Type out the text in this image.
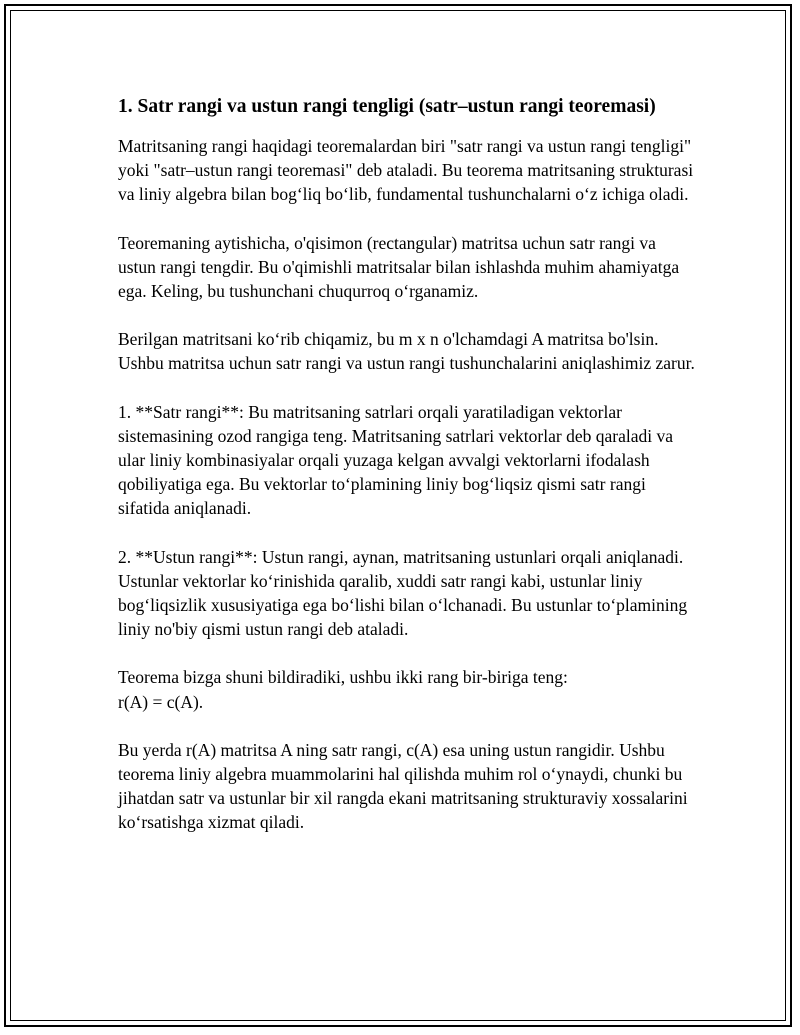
1. Satr rangi va ustun rangi tengligi (satr–ustun rangi teoremasi)

Matritsaning rangi haqidagi teoremalardan biri "satr rangi va ustun rangi tengligi" yoki "satr–ustun rangi teoremasi" deb ataladi. Bu teorema matritsaning strukturasi va liniy algebra bilan bog‘liq bo‘lib, fundamental tushunchalarni o‘z ichiga oladi.

Teoremaning aytishicha, o'qisimon (rectangular) matritsa uchun satr rangi va ustun rangi tengdir. Bu o'qimishli matritsalar bilan ishlashda muhim ahamiyatga ega. Keling, bu tushunchani chuqurroq o‘rganamiz.

Berilgan matritsani ko‘rib chiqamiz, bu m x n o'lchamdagi A matritsa bo'lsin. Ushbu matritsa uchun satr rangi va ustun rangi tushunchalarini aniqlashimiz zarur.

1. **Satr rangi**: Bu matritsaning satrlari orqali yaratiladigan vektorlar sistemasining ozod rangiga teng. Matritsaning satrlari vektorlar deb qaraladi va ular liniy kombinasiyalar orqali yuzaga kelgan avvalgi vektorlarni ifodalash qobiliyatiga ega. Bu vektorlar to‘plamining liniy bog‘liqsiz qismi satr rangi sifatida aniqlanadi.

2. **Ustun rangi**: Ustun rangi, aynan, matritsaning ustunlari orqali aniqlanadi. Ustunlar vektorlar ko‘rinishida qaralib, xuddi satr rangi kabi, ustunlar liniy bog‘liqsizlik xususiyatiga ega bo‘lishi bilan o‘lchanadi. Bu ustunlar to‘plamining liniy no'biy qismi ustun rangi deb ataladi.

Teorema bizga shuni bildiradiki, ushbu ikki rang bir-biriga teng:
r(A) = c(A).

Bu yerda r(A) matritsa A ning satr rangi, c(A) esa uning ustun rangidir. Ushbu teorema liniy algebra muammolarini hal qilishda muhim rol o‘ynaydi, chunki bu jihatdan satr va ustunlar bir xil rangda ekani matritsaning strukturaviy xossalarini ko‘rsatishga xizmat qiladi.
